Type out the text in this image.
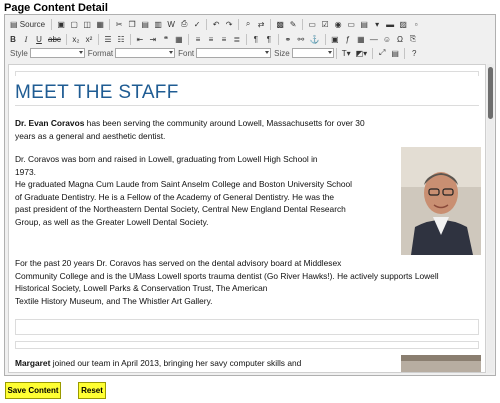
Page Content Detail
▤ Source ▣ ▢ ◫ ▦	✂ ❐ ▤ ▥ W ⎙ ✓	↶ ↷	⌕ ⇄	▩ ✎	▭ ☑ ◉ ▭ ▤ ▾ ▬ ▨ ▫
B	I	U abc	x₂ x²	☰ ☷	⇤ ⇥ ❝ ▦	≡	≡	≡ ≣	¶	¶	⚭ ⚯ ⚓ ▣ ƒ ▦ ― ☺ Ω ⎘
Style	Format	Font	Size	T▾ ◩▾	⤢ ▤	?
MEET THE STAFF
Dr. Evan Coravos has been serving the community around Lowell, Massachusetts for over 30 years as a general and aesthetic dentist.
Dr. Coravos was born and raised in Lowell, graduating from Lowell High School in
1973.
He graduated Magna Cum Laude from Saint Anselm College and Boston University School
of Graduate Dentistry. He is a Fellow of the Academy of General Dentistry. He was the
past president of the Northeastern Dental Society, Central New England Dental Research
Group, as well as the Greater Lowell Dental Society.
For the past 20 years Dr. Coravos has served on the dental advisory board at Middlesex
Community College and is the UMass Lowell sports trauma dentist (Go River Hawks!). He actively supports Lowell
Historical Society, Lowell Parks & Conservation Trust, The American
Textile History Museum, and The Whistler Art Gallery.
Margaret joined our team in April 2013, bringing her savy computer skills and
Save Content	Reset
